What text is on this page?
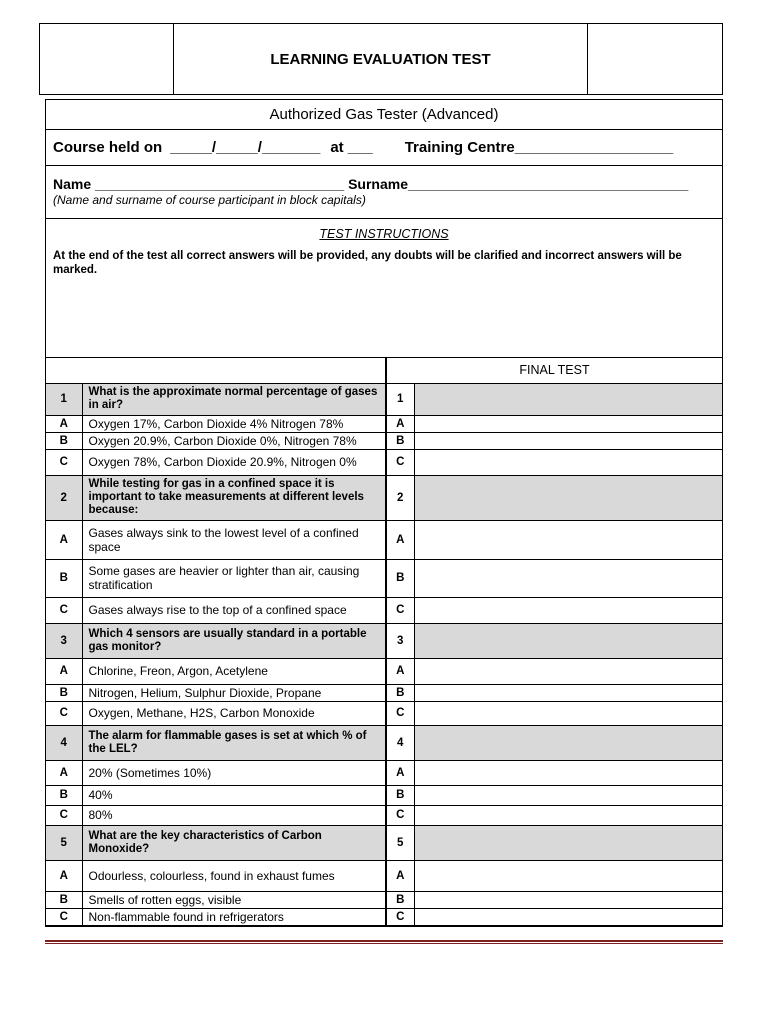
LEARNING EVALUATION TEST
Authorized Gas Tester (Advanced)
Course held on _____/_____/_______ at ___ Training Centre ___________________
Name ________________________________ Surname____________________________________
(Name and surname of course participant in block capitals)
TEST INSTRUCTIONS
At the end of the test all correct answers will be provided, any doubts will be clarified and incorrect answers will be marked.
		FINAL TEST	
1	What is the approximate normal percentage of gases in air?	1	
A	Oxygen 17%, Carbon Dioxide 4% Nitrogen 78%	A	
B	Oxygen 20.9%, Carbon Dioxide 0%, Nitrogen 78%	B	
C	Oxygen 78%, Carbon Dioxide 20.9%, Nitrogen 0%	C	
2	While testing for gas in a confined space it is important to take measurements at different levels because:	2	
A	Gases always sink to the lowest level of a confined space	A	
B	Some gases are heavier or lighter than air, causing stratification	B	
C	Gases always rise to the top of a confined space	C	
3	Which 4 sensors are usually standard in a portable gas monitor?	3	
A	Chlorine, Freon, Argon, Acetylene	A	
B	Nitrogen, Helium, Sulphur Dioxide, Propane	B	
C	Oxygen, Methane, H2S, Carbon Monoxide	C	
4	The alarm for flammable gases is set at which % of the LEL?	4	
A	20% (Sometimes 10%)	A	
B	40%	B	
C	80%	C	
5	What are the key characteristics of Carbon Monoxide?	5	
A	Odourless, colourless, found in exhaust fumes	A	
B	Smells of rotten eggs, visible	B	
C	Non-flammable found in refrigerators	C	
